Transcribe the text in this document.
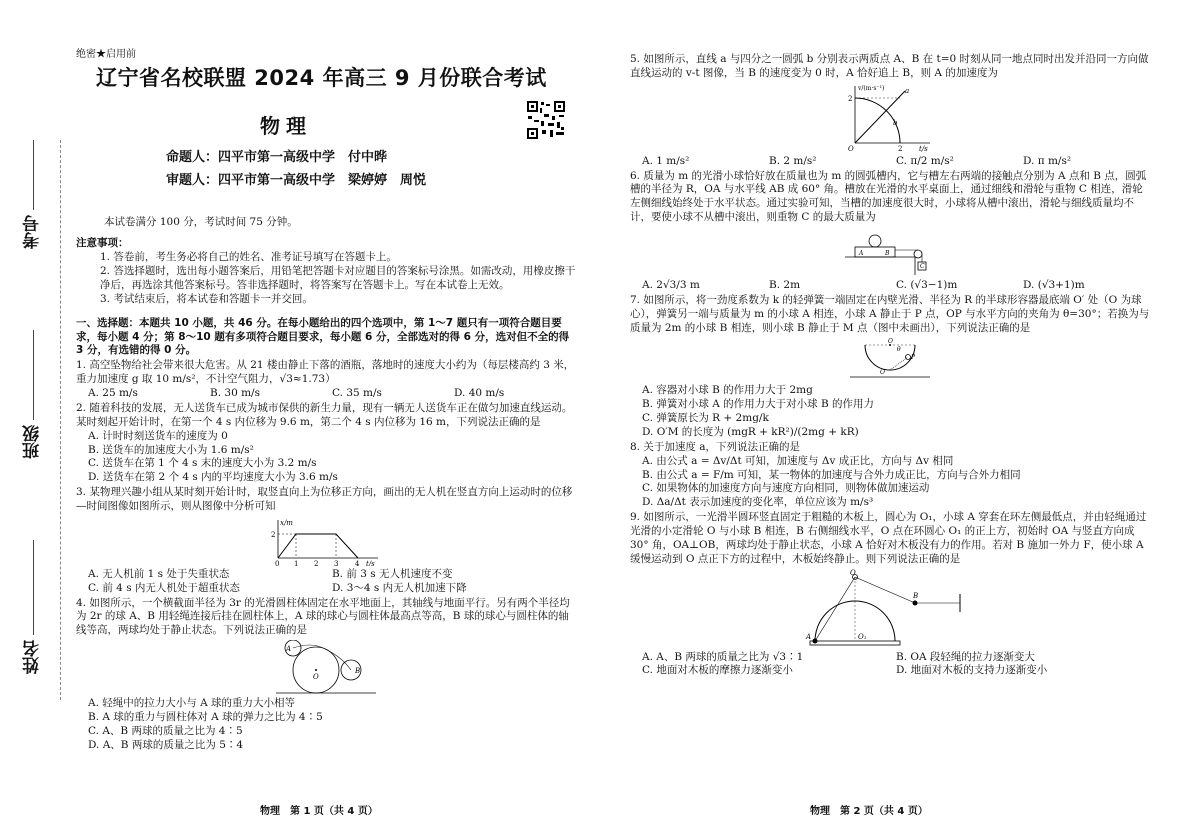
考号
班级
姓名
绝密★启用前
辽宁省名校联盟 2024 年高三 9 月份联合考试
物理
命题人：四平市第一高级中学　付中晔
审题人：四平市第一高级中学　梁婷婷　周悦
本试卷满分 100 分，考试时间 75 分钟。
注意事项：
1. 答卷前，考生务必将自己的姓名、准考证号填写在答题卡上。
2. 答选择题时，选出每小题答案后，用铅笔把答题卡对应题目的答案标号涂黑。如需改动，用橡皮擦干净后，再选涂其他答案标号。答非选择题时，将答案写在答题卡上。写在本试卷上无效。
3. 考试结束后，将本试卷和答题卡一并交回。
一、选择题：本题共 10 小题，共 46 分。在每小题给出的四个选项中，第 1～7 题只有一项符合题目要求，每小题 4 分；第 8～10 题有多项符合题目要求，每小题 6 分，全部选对的得 6 分，选对但不全的得 3 分，有选错的得 0 分。
1. 高空坠物给社会带来很大危害。从 21 楼由静止下落的酒瓶，落地时的速度大小约为（每层楼高约 3 米，重力加速度 g 取 10 m/s²，不计空气阻力，√3≈1.73）
A. 25 m/s	B. 30 m/s	C. 35 m/s	D. 40 m/s
2. 随着科技的发展，无人送货车已成为城市保供的新生力量，现有一辆无人送货车正在做匀加速直线运动。某时刻起开始计时，在第一个 4 s 内位移为 9.6 m，第二个 4 s 内位移为 16 m，下列说法正确的是
A. 计时时刻送货车的速度为 0
B. 送货车的加速度大小为 1.6 m/s²
C. 送货车在第 1 个 4 s 末的速度大小为 3.2 m/s
D. 送货车在第 2 个 4 s 内的平均速度大小为 3.6 m/s
3. 某物理兴趣小组从某时刻开始计时，取竖直向上为位移正方向，画出的无人机在竖直方向上运动时的位移—时间图像如图所示，则从图像中分析可知
x/m
2
0 1 2 3 4 t/s
A. 无人机前 1 s 处于失重状态	B. 前 3 s 无人机速度不变
C. 前 4 s 内无人机处于超重状态	D. 3～4 s 内无人机加速下降
4. 如图所示，一个横截面半径为 3r 的光滑圆柱体固定在水平地面上，其轴线与地面平行。另有两个半径均为 2r 的球 A、B 用轻绳连接后挂在圆柱体上，A 球的球心与圆柱体最高点等高，B 球的球心与圆柱体的轴线等高，两球均处于静止状态。下列说法正确的是
A
B
O
A. 轻绳中的拉力大小与 A 球的重力大小相等
B. A 球的重力与圆柱体对 A 球的弹力之比为 4∶5
C. A、B 两球的质量之比为 4∶5
D. A、B 两球的质量之比为 5∶4
物理　第 1 页（共 4 页）
5. 如图所示，直线 a 与四分之一圆弧 b 分别表示两质点 A、B 在 t=0 时刻从同一地点同时出发并沿同一方向做直线运动的 v-t 图像，当 B 的速度变为 0 时，A 恰好追上 B，则 A 的加速度为
v/(m·s⁻¹)
2
2
O	t/s
a
b
A. 1 m/s²	B. 2 m/s²	C. π/2 m/s²	D. π m/s²
6. 质量为 m 的光滑小球恰好放在质量也为 m 的圆弧槽内，它与槽左右两端的接触点分别为 A 点和 B 点，圆弧槽的半径为 R，OA 与水平线 AB 成 60° 角。槽放在光滑的水平桌面上，通过细线和滑轮与重物 C 相连，滑轮左侧细线始终处于水平状态。通过实验可知，当槽的加速度很大时，小球将从槽中滚出，滑轮与细线质量均不计，要使小球不从槽中滚出，则重物 C 的最大质量为
A	B
C
A. 2√3/3 m	B. 2m	C. (√3−1)m	D. (√3+1)m
7. 如图所示，将一劲度系数为 k 的轻弹簧一端固定在内壁光滑、半径为 R 的半球形容器最底端 O′ 处（O 为球心），弹簧另一端与质量为 m 的小球 A 相连，小球 A 静止于 P 点，OP 与水平方向的夹角为 θ=30°；若换为与质量为 2m 的小球 B 相连，则小球 B 静止于 M 点（图中未画出），下列说法正确的是
O
O′
P
θ
A. 容器对小球 B 的作用力大于 2mg
B. 弹簧对小球 A 的作用力大于对小球 B 的作用力
C. 弹簧原长为 R + 2mg/k
D. O′M 的长度为 (mgR + kR²)/(2mg + kR)
8. 关于加速度 a，下列说法正确的是
A. 由公式 a = Δv/Δt 可知，加速度与 Δv 成正比，方向与 Δv 相同
B. 由公式 a = F/m 可知，某一物体的加速度与合外力成正比，方向与合外力相同
C. 如果物体的加速度方向与速度方向相同，则物体做加速运动
D. Δa/Δt 表示加速度的变化率，单位应该为 m/s³
9. 如图所示，一光滑半圆环竖直固定于粗糙的木板上，圆心为 O₁，小球 A 穿套在环左侧最低点，并由轻绳通过光滑的小定滑轮 O 与小球 B 相连，B 右侧细线水平，O 点在环圆心 O₁ 的正上方，初始时 OA 与竖直方向成 30° 角，OA⊥OB，两球均处于静止状态，小球 A 恰好对木板没有力的作用。若对 B 施加一外力 F，使小球 A 缓慢运动到 O 点正下方的过程中，木板始终静止。则下列说法正确的是
O
O₁
A
B
A. A、B 两球的质量之比为 √3∶1	B. OA 段轻绳的拉力逐渐变大
C. 地面对木板的摩擦力逐渐变小	D. 地面对木板的支持力逐渐变小
物理　第 2 页（共 4 页）
